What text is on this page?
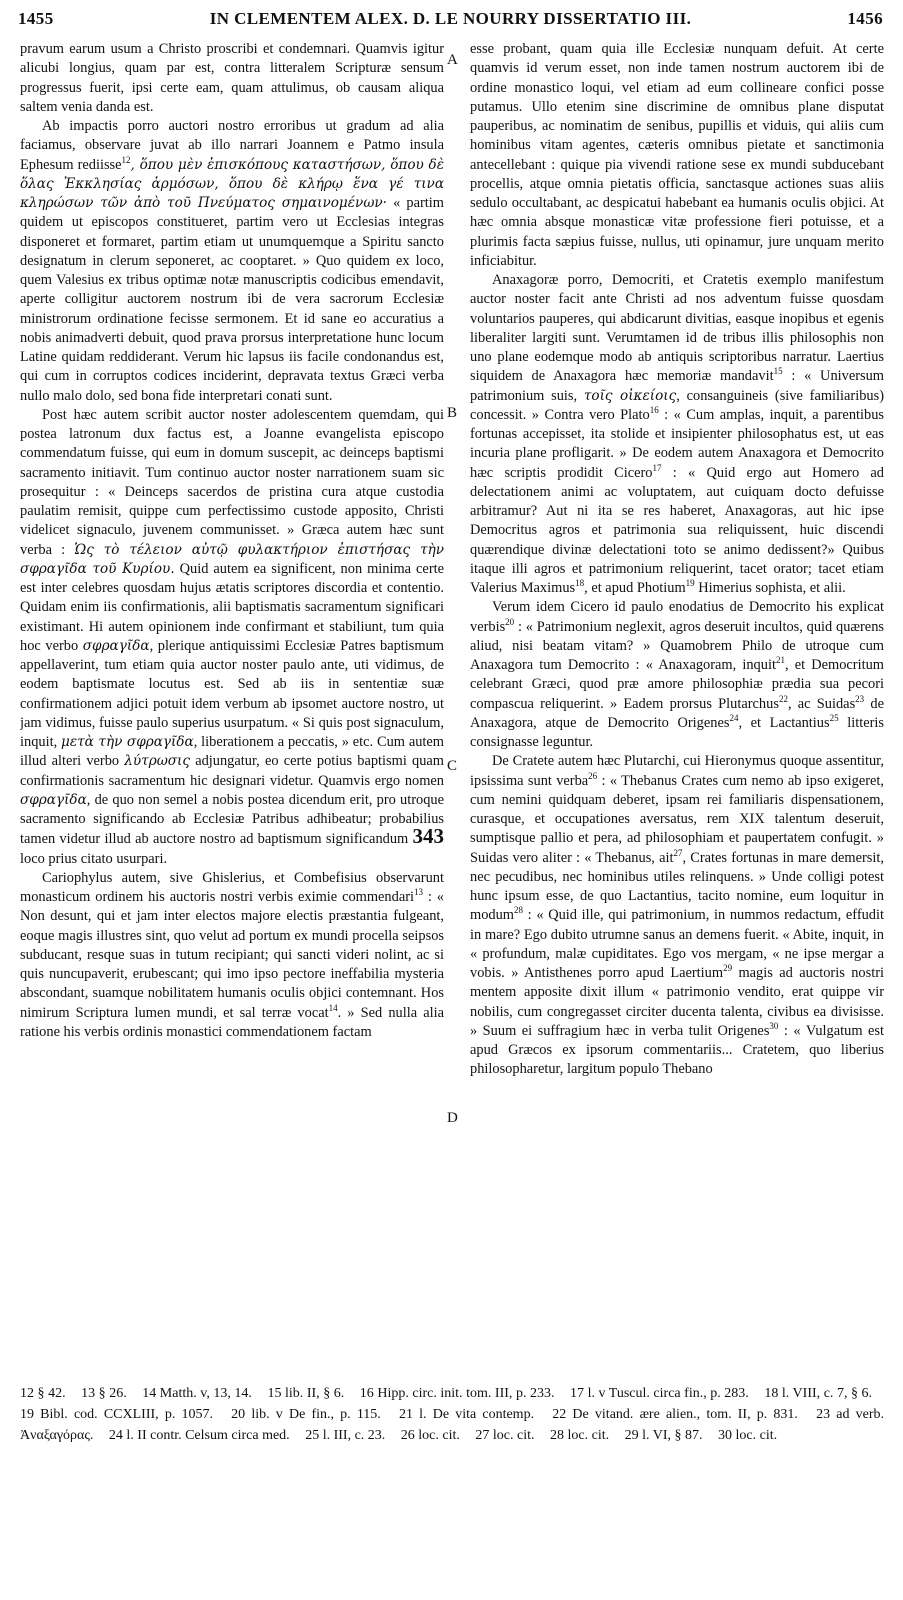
1455	IN CLEMENTEM ALEX. D. LE NOURRY DISSERTATIO III.	1456
A
B
C
D

pravum earum usum a Christo proscribi et condemnari. Quamvis igitur alicubi longius, quam par est, contra litteralem Scripturæ sensum progressus fuerit, ipsi certe eam, quam attulimus, ob causam aliqua saltem venia danda est.

Ab impactis porro auctori nostro erroribus ut gradum ad alia faciamus, observare juvat ab illo narrari Joannem e Patmo insula Ephesum rediisse$^{12}$, ὅπου μὲν ἐπισκόπους καταστήσων, ὅπου δὲ ὅλας Ἐκκλησίας ἁρμόσων, ὅπου δὲ κλήρῳ ἕνα γέ τινα κληρώσων τῶν ἀπὸ τοῦ Πνεύματος σημαινομένων· « partim quidem ut episcopos constitueret, partim vero ut Ecclesias integras disponeret et formaret, partim etiam ut unumquemque a Spiritu sancto designatum in clerum seponeret, ac cooptaret. » Quo quidem ex loco, quem Valesius ex tribus optimæ notæ manuscriptis codicibus emendavit, aperte colligitur auctorem nostrum ibi de vera sacrorum Ecclesiæ ministrorum ordinatione fecisse sermonem. Et id sane eo accuratius a nobis animadverti debuit, quod prava prorsus interpretatione hunc locum Latine quidam reddiderant. Verum hic lapsus iis facile condonandus est, qui cum in corruptos codices inciderint, depravata textus Græci verba nullo malo dolo, sed bona fide interpretari conati sunt.

Post hæc autem scribit auctor noster adolescentem quemdam, qui postea latronum dux factus est, a Joanne evangelista episcopo commendatum fuisse, qui eum in domum suscepit, ac deinceps baptismi sacramento initiavit. Tum continuo auctor noster narrationem suam sic prosequitur : « Deinceps sacerdos de pristina cura atque custodia paulatim remisit, quippe cum perfectissimo custode apposito, Christi videlicet signaculo, juvenem communisset. » Græca autem hæc sunt verba : Ὡς τὸ τέλειον αὐτῷ φυλακτήριον ἐπιστήσας τὴν σφραγῖδα τοῦ Κυρίου. Quid autem ea significent, non minima certe est inter celebres quosdam hujus ætatis scriptores discordia et contentio. Quidam enim iis confirmationis, alii baptismatis sacramentum significari existimant. Hi autem opinionem inde confirmant et stabiliunt, tum quia hoc verbo σφραγῖδα, plerique antiquissimi Ecclesiæ Patres baptismum appellaverint, tum etiam quia auctor noster paulo ante, uti vidimus, de eodem baptismate locutus est. Sed ab iis in sententiæ suæ confirmationem adjici potuit idem verbum ab ipsomet auctore nostro, ut jam vidimus, fuisse paulo superius usurpatum. « Si quis post signaculum, inquit, μετὰ τὴν σφραγῖδα, liberationem a peccatis, » etc. Cum autem illud alteri verbo λύτρωσις adjungatur, eo certe potius baptismi quam confirmationis sacramentum hic designari videtur. Quamvis ergo nomen σφραγῖδα, de quo non semel a nobis postea dicendum erit, pro utroque sacramento significando ab Ecclesiæ Patribus adhibeatur; probabilius tamen videtur illud ab auctore nostro ad baptismum significandum 343 loco prius citato usurpari.

Cariophylus autem, sive Ghislerius, et Combefisius observarunt monasticum ordinem his auctoris nostri verbis eximie commendari$^{13}$ : « Non desunt, qui et jam inter electos majore electis præstantia fulgeant, eoque magis illustres sint, quo velut ad portum ex mundi procella seipsos subducant, resque suas in tutum recipiant; qui sancti videri nolint, ac si quis nuncupaverit, erubescant; qui imo ipso pectore ineffabilia mysteria abscondant, suamque nobilitatem humanis oculis objici contemnant. Hos nimirum Scriptura lumen mundi, et sal terræ vocat$^{14}$. » Sed nulla alia ratione his verbis ordinis monastici commendationem factam

esse probant, quam quia ille Ecclesiæ nunquam defuit. At certe quamvis id verum esset, non inde tamen nostrum auctorem ibi de ordine monastico loqui, vel etiam ad eum collineare confici posse putamus. Ullo etenim sine discrimine de omnibus plane disputat pauperibus, ac nominatim de senibus, pupillis et viduis, qui aliis cum hominibus vitam agentes, cæteris omnibus pietate et sanctimonia antecellebant : quique pia vivendi ratione sese ex mundi subducebant procellis, atque omnia pietatis officia, sanctasque actiones suas aliis sedulo occultabant, ac despicatui habebant ea humanis oculis objici. At hæc omnia absque monasticæ vitæ professione fieri potuisse, et a plurimis facta sæpius fuisse, nullus, uti opinamur, jure unquam merito inficiabitur.

Anaxagoræ porro, Democriti, et Cratetis exemplo manifestum auctor noster facit ante Christi ad nos adventum fuisse quosdam voluntarios pauperes, qui abdicarunt divitias, easque inopibus et egenis liberaliter largiti sunt. Verumtamen id de tribus illis philosophis non uno plane eodemque modo ab antiquis scriptoribus narratur. Laertius siquidem de Anaxagora hæc memoriæ mandavit$^{15}$ : « Universum patrimonium suis, τοῖς οἰκείοις, consanguineis (sive familiaribus) concessit. » Contra vero Plato$^{16}$ : « Cum amplas, inquit, a parentibus fortunas accepisset, ita stolide et insipienter philosophatus est, ut eas incuria plane profligarit. » De eodem autem Anaxagora et Democrito hæc scriptis prodidit Cicero$^{17}$ : « Quid ergo aut Homero ad delectationem animi ac voluptatem, aut cuiquam docto defuisse arbitramur? Aut ni ita se res haberet, Anaxagoras, aut hic ipse Democritus agros et patrimonia sua reliquissent, huic discendi quærendique divinæ delectationi toto se animo dedissent?» Quibus itaque illi agros et patrimonium reliquerint, tacet orator; tacet etiam Valerius Maximus$^{18}$, et apud Photium$^{19}$ Himerius sophista, et alii.

Verum idem Cicero id paulo enodatius de Democrito his explicat verbis$^{20}$ : « Patrimonium neglexit, agros deseruit incultos, quid quærens aliud, nisi beatam vitam? » Quamobrem Philo de utroque cum Anaxagora tum Democrito : « Anaxagoram, inquit$^{21}$, et Democritum celebrant Græci, quod præ amore philosophiæ prædia sua pecori compascua reliquerint. » Eadem prorsus Plutarchus$^{22}$, ac Suidas$^{23}$ de Anaxagora, atque de Democrito Origenes$^{24}$, et Lactantius$^{25}$ litteris consignasse leguntur.

De Cratete autem hæc Plutarchi, cui Hieronymus quoque assentitur, ipsissima sunt verba$^{26}$ : « Thebanus Crates cum nemo ab ipso exigeret, cum nemini quidquam deberet, ipsam rei familiaris dispensationem, curasque, et occupationes aversatus, rem XIX talentum deseruit, sumptisque pallio et pera, ad philosophiam et paupertatem confugit. » Suidas vero aliter : « Thebanus, ait$^{27}$, Crates fortunas in mare demersit, nec pecudibus, nec hominibus utiles relinquens. » Unde colligi potest hunc ipsum esse, de quo Lactantius, tacito nomine, eum loquitur in modum$^{28}$ : « Quid ille, qui patrimonium, in nummos redactum, effudit in mare? Ego dubito utrumne sanus an demens fuerit. « Abite, inquit, in « profundum, malæ cupiditates. Ego vos mergam, « ne ipse mergar a vobis. » Antisthenes porro apud Laertium$^{29}$ magis ad auctoris nostri mentem apposite dixit illum « patrimonio vendito, erat quippe vir nobilis, cum congregasset circiter ducenta talenta, civibus ea divisisse. » Suum ei suffragium hæc in verba tulit Origenes$^{30}$ : « Vulgatum est apud Græcos ex ipsorum commentariis... Cratetem, quo liberius philosopharetur, largitum populo Thebano

12 § 42. 13 § 26. 14 Matth. v, 13, 14. 15 lib. II, § 6. 16 Hipp. circ. init. tom. III, p. 233. 17 l. v Tuscul. circa fin., p. 283. 18 l. VIII, c. 7, § 6. 19 Bibl. cod. CCXLIII, p. 1057. 20 lib. v De fin., p. 115. 21 l. De vita contemp. 22 De vitand. ære alien., tom. II, p. 831. 23 ad verb. Ἀναξαγόρας. 24 l. II contr. Celsum circa med. 25 l. III, c. 23. 26 loc. cit. 27 loc. cit. 28 loc. cit. 29 l. VI, § 87. 30 loc. cit.
